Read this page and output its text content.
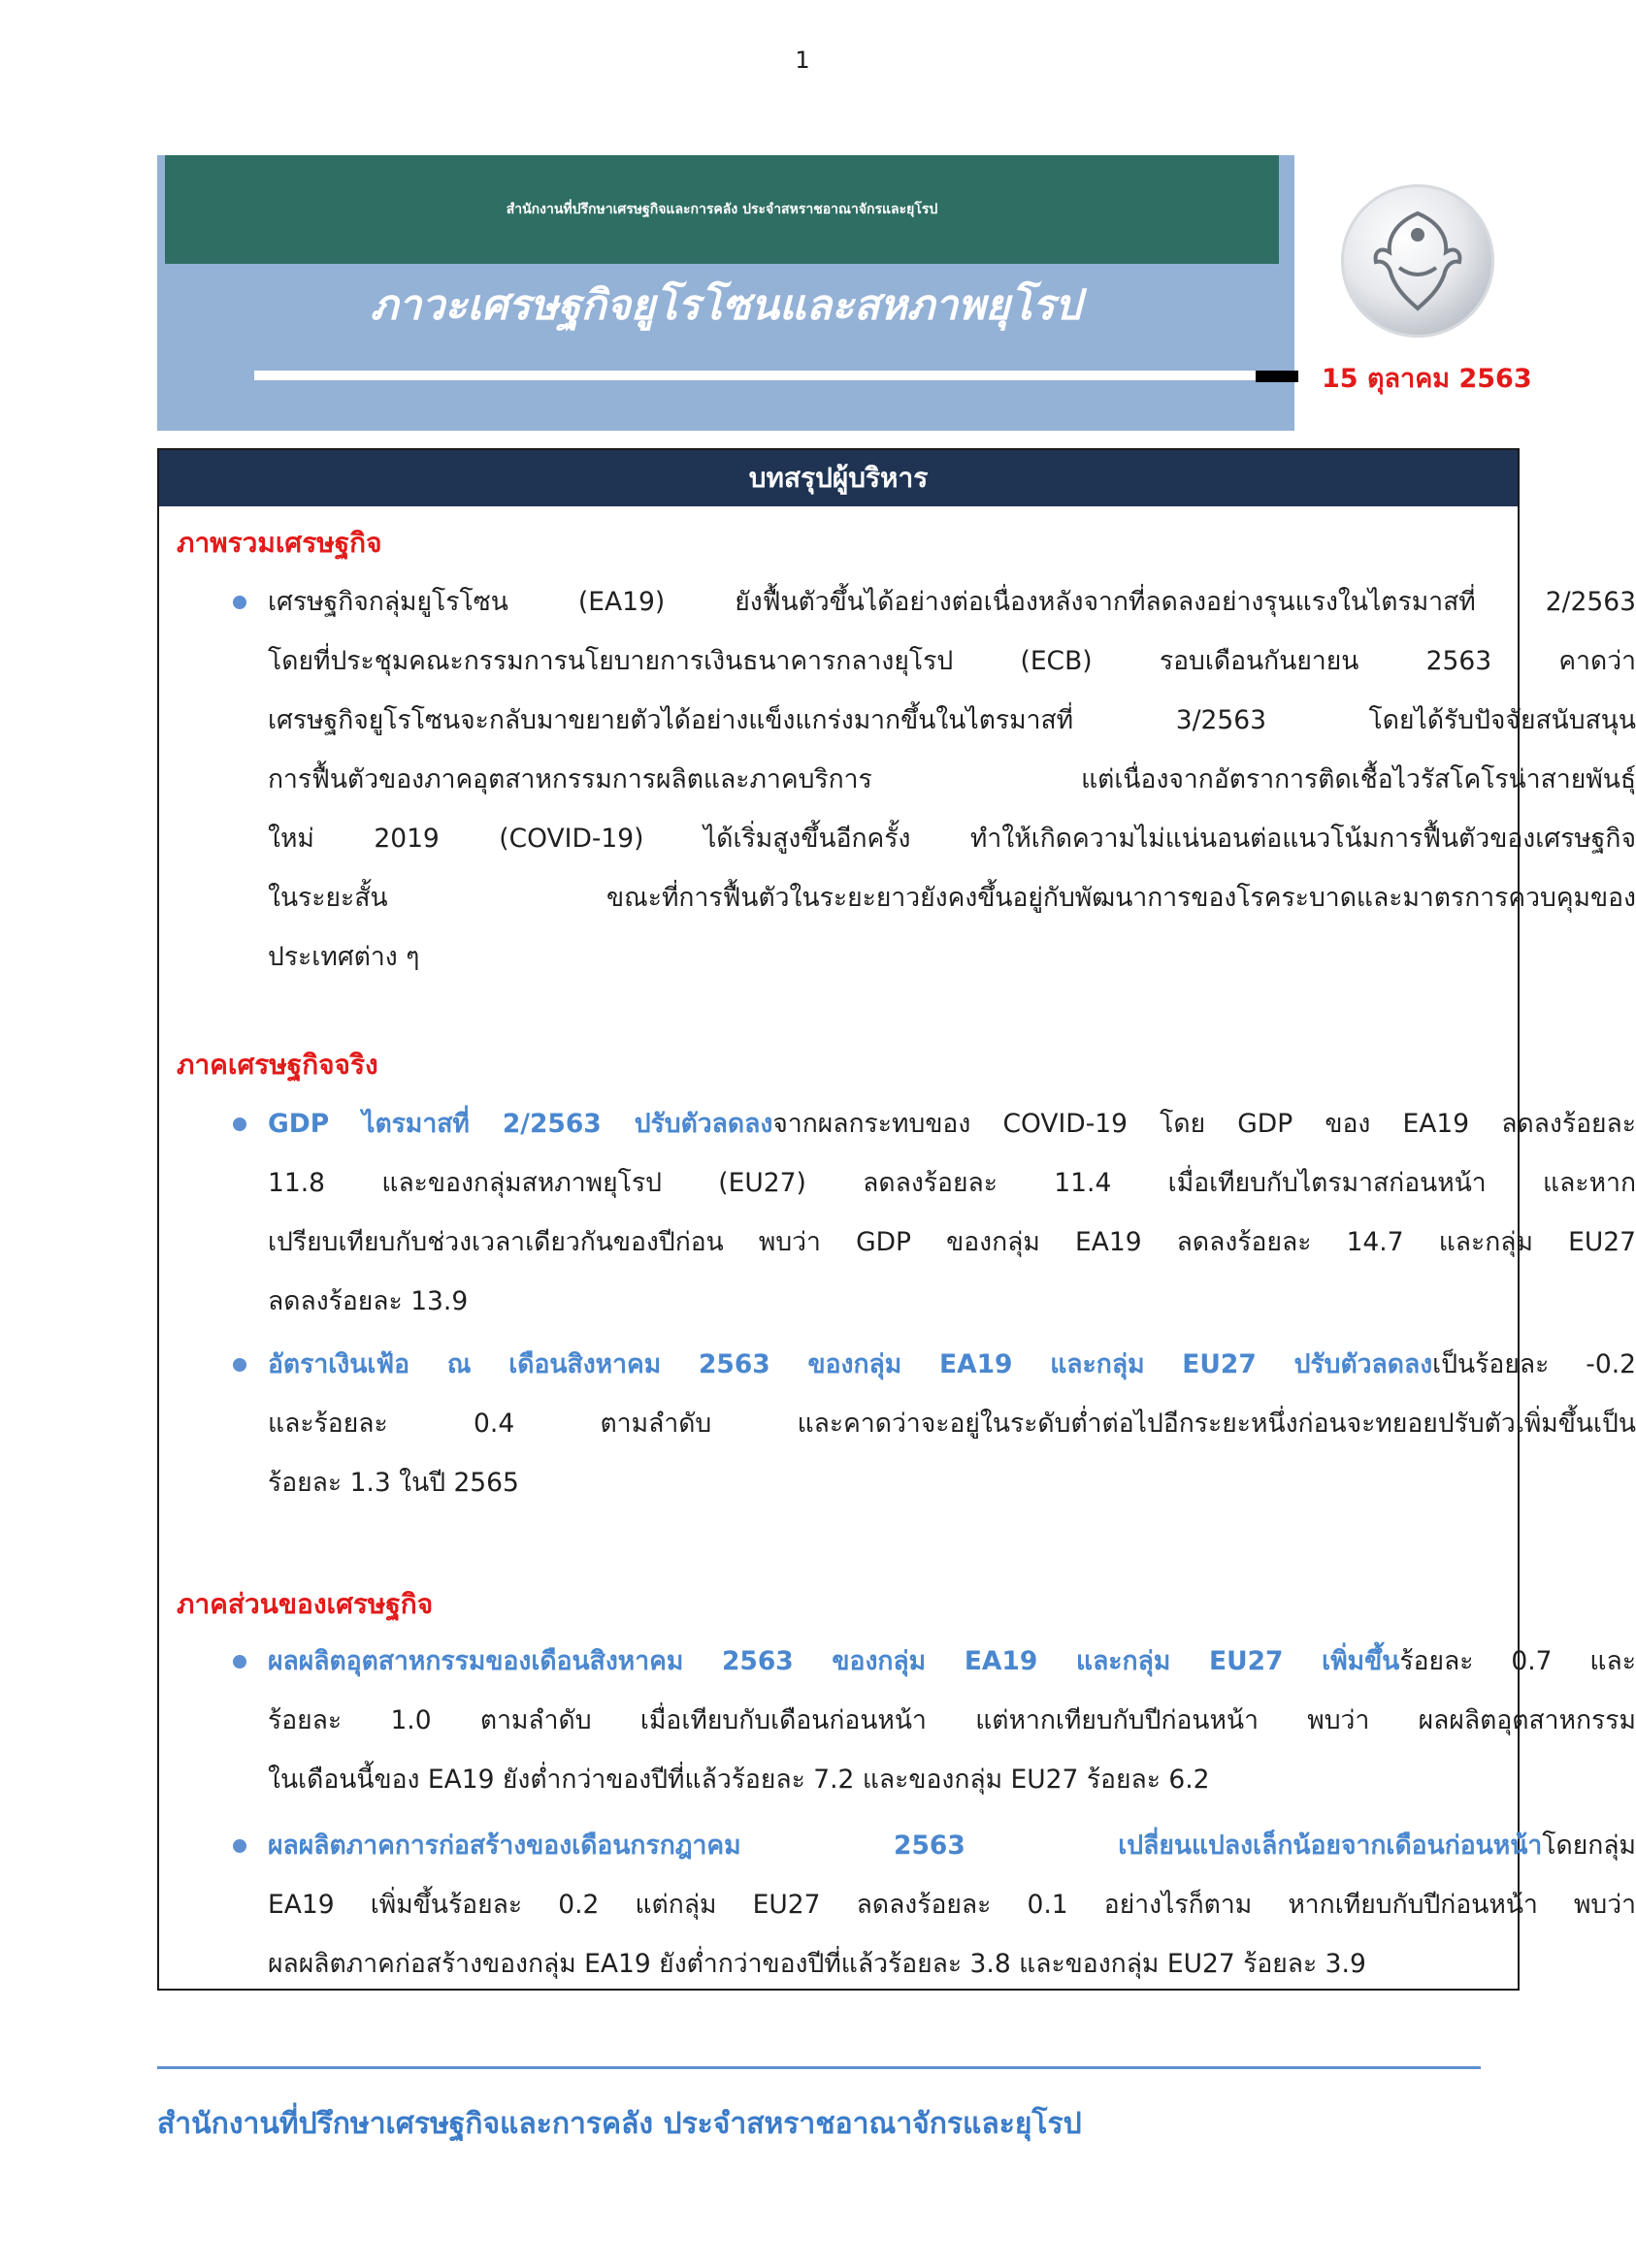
1
สำนักงานที่ปรึกษาเศรษฐกิจและการคลัง ประจำสหราชอาณาจักรและยุโรป
ภาวะเศรษฐกิจยูโรโซนและสหภาพยุโรป
15 ตุลาคม 2563
บทสรุปผู้บริหาร
ภาพรวมเศรษฐกิจ
เศรษฐกิจกลุ่มยูโรโซน (EA19) ยังฟื้นตัวขึ้นได้อย่างต่อเนื่องหลังจากที่ลดลงอย่างรุนแรงในไตรมาสที่ 2/2563
โดยที่ประชุมคณะกรรมการนโยบายการเงินธนาคารกลางยุโรป (ECB) รอบเดือนกันยายน 2563 คาดว่า
เศรษฐกิจยูโรโซนจะกลับมาขยายตัวได้อย่างแข็งแกร่งมากขึ้นในไตรมาสที่ 3/2563 โดยได้รับปัจจัยสนับสนุน
การฟื้นตัวของภาคอุตสาหกรรมการผลิตและภาคบริการ แต่เนื่องจากอัตราการติดเชื้อไวรัสโคโรน่าสายพันธุ์
ใหม่ 2019 (COVID-19) ได้เริ่มสูงขึ้นอีกครั้ง ทำให้เกิดความไม่แน่นอนต่อแนวโน้มการฟื้นตัวของเศรษฐกิจ
ในระยะสั้น ขณะที่การฟื้นตัวในระยะยาวยังคงขึ้นอยู่กับพัฒนาการของโรคระบาดและมาตรการควบคุมของ
ประเทศต่าง ๆ
ภาคเศรษฐกิจจริง
GDP ไตรมาสที่ 2/2563 ปรับตัวลดลงจากผลกระทบของ COVID-19 โดย GDP ของ EA19 ลดลงร้อยละ
11.8 และของกลุ่มสหภาพยุโรป (EU27) ลดลงร้อยละ 11.4 เมื่อเทียบกับไตรมาสก่อนหน้า และหาก
เปรียบเทียบกับช่วงเวลาเดียวกันของปีก่อน พบว่า GDP ของกลุ่ม EA19 ลดลงร้อยละ 14.7 และกลุ่ม EU27
ลดลงร้อยละ 13.9
อัตราเงินเฟ้อ ณ เดือนสิงหาคม 2563 ของกลุ่ม EA19 และกลุ่ม EU27 ปรับตัวลดลงเป็นร้อยละ -0.2
และร้อยละ 0.4 ตามลำดับ และคาดว่าจะอยู่ในระดับต่ำต่อไปอีกระยะหนึ่งก่อนจะทยอยปรับตัวเพิ่มขึ้นเป็น
ร้อยละ 1.3 ในปี 2565
ภาคส่วนของเศรษฐกิจ
ผลผลิตอุตสาหกรรมของเดือนสิงหาคม 2563 ของกลุ่ม EA19 และกลุ่ม EU27 เพิ่มขึ้นร้อยละ 0.7 และ
ร้อยละ 1.0 ตามลำดับ เมื่อเทียบกับเดือนก่อนหน้า แต่หากเทียบกับปีก่อนหน้า พบว่า ผลผลิตอุตสาหกรรม
ในเดือนนี้ของ EA19 ยังต่ำกว่าของปีที่แล้วร้อยละ 7.2 และของกลุ่ม EU27 ร้อยละ 6.2
ผลผลิตภาคการก่อสร้างของเดือนกรกฎาคม 2563 เปลี่ยนแปลงเล็กน้อยจากเดือนก่อนหน้าโดยกลุ่ม
EA19 เพิ่มขึ้นร้อยละ 0.2 แต่กลุ่ม EU27 ลดลงร้อยละ 0.1 อย่างไรก็ตาม หากเทียบกับปีก่อนหน้า พบว่า
ผลผลิตภาคก่อสร้างของกลุ่ม EA19 ยังต่ำกว่าของปีที่แล้วร้อยละ 3.8 และของกลุ่ม EU27 ร้อยละ 3.9
สำนักงานที่ปรึกษาเศรษฐกิจและการคลัง ประจำสหราชอาณาจักรและยุโรป
